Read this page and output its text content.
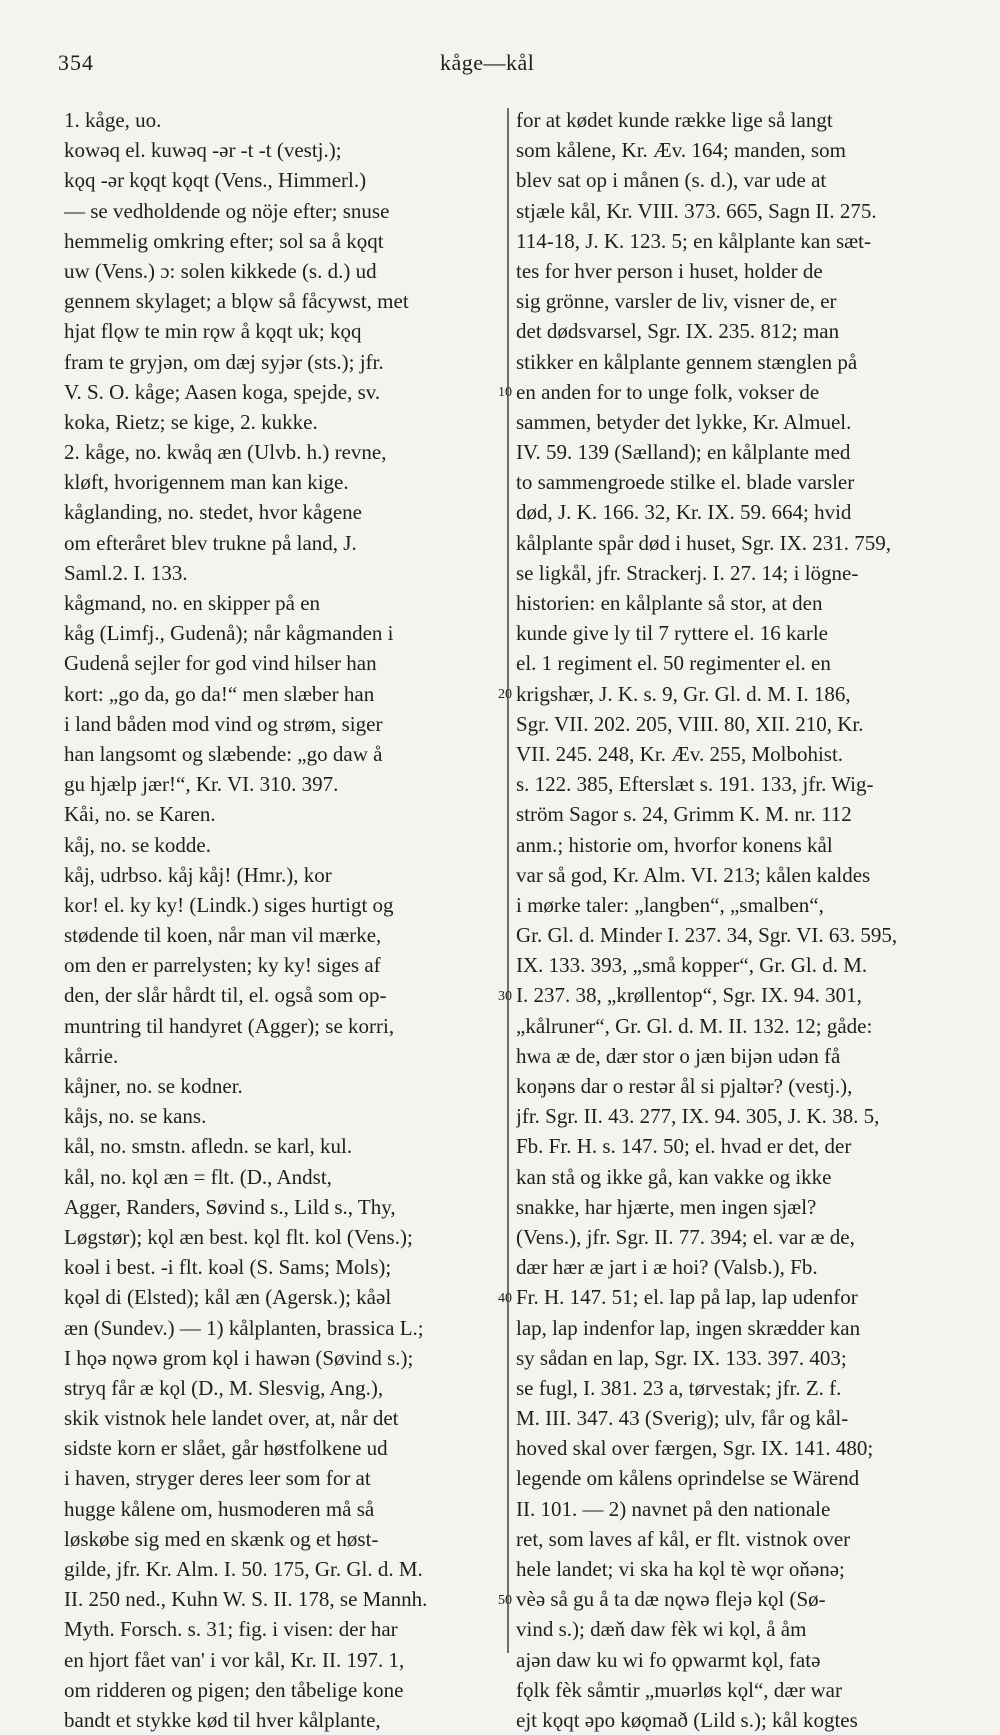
354	kåge—kål
1. kåge, uo.
kowəq el. kuwəq -ər -t -t (vestj.);
kǫq -ər kǫqt kǫqt (Vens., Himmerl.)
— se vedholdende og nöje efter; snuse
hemmelig omkring efter; sol sa å kǫqt
uw (Vens.) ɔ: solen kikkede (s. d.) ud
gennem skylaget; a blǫw så fåcywst, met
hjat flǫw te min rǫw å kǫqt uk; kǫq
fram te gryjən, om dæj syjər (sts.); jfr.
V. S. O. kåge; Aasen koga, spejde, sv.
koka, Rietz; se kige, 2. kukke.
2. kåge, no. kwåq æn (Ulvb. h.) revne,
kløft, hvorigennem man kan kige.
kåglanding, no. stedet, hvor kågene
om efteråret blev trukne på land, J.
Saml.2. I. 133.
kågmand, no. en skipper på en
kåg (Limfj., Gudenå); når kågmanden i
Gudenå sejler for god vind hilser han
kort: „go da, go da!“ men slæber han
i land båden mod vind og strøm, siger
han langsomt og slæbende: „go daw å
gu hjælp jær!“, Kr. VI. 310. 397.
Kåi, no. se Karen.
kåj, no. se kodde.
kåj, udrbso. kåj kåj! (Hmr.), kor
kor! el. ky ky! (Lindk.) siges hurtigt og
stødende til koen, når man vil mærke,
om den er parrelysten; ky ky! siges af
den, der slår hårdt til, el. også som op-
muntring til handyret (Agger); se korri,
kårrie.
kåjner, no. se kodner.
kåjs, no. se kans.
kål, no. smstn. afledn. se karl, kul.
kål, no. kǫl æn = flt. (D., Andst,
Agger, Randers, Søvind s., Lild s., Thy,
Løgstør); kǫl æn best. kǫl flt. kol (Vens.);
koəl i best. -i flt. koəl (S. Sams; Mols);
kǫəl di (Elsted); kål æn (Agersk.); kåəl
æn (Sundev.) — 1) kålplanten, brassica L.;
I hǫə nǫwə grom kǫl i hawən (Søvind s.);
stryq får æ kǫl (D., M. Slesvig, Ang.),
skik vistnok hele landet over, at, når det
sidste korn er slået, går høstfolkene ud
i haven, stryger deres leer som for at
hugge kålene om, husmoderen må så
løskøbe sig med en skænk og et høst-
gilde, jfr. Kr. Alm. I. 50. 175, Gr. Gl. d. M.
II. 250 ned., Kuhn W. S. II. 178, se Mannh.
Myth. Forsch. s. 31; fig. i visen: der har
en hjort fået van' i vor kål, Kr. II. 197. 1,
om ridderen og pigen; den tåbelige kone
bandt et stykke kød til hver kålplante,
for at kødet kunde række lige så langt
som kålene, Kr. Æv. 164; manden, som
blev sat op i månen (s. d.), var ude at
stjæle kål, Kr. VIII. 373. 665, Sagn II. 275.
114-18, J. K. 123. 5; en kålplante kan sæt-
tes for hver person i huset, holder de
sig grönne, varsler de liv, visner de, er
det dødsvarsel, Sgr. IX. 235. 812; man
stikker en kålplante gennem stænglen på
en anden for to unge folk, vokser de
sammen, betyder det lykke, Kr. Almuel.
IV. 59. 139 (Sælland); en kålplante med
to sammengroede stilke el. blade varsler
død, J. K. 166. 32, Kr. IX. 59. 664; hvid
kålplante spår død i huset, Sgr. IX. 231. 759,
se ligkål, jfr. Strackerj. I. 27. 14; i lögne-
historien: en kålplante så stor, at den
kunde give ly til 7 ryttere el. 16 karle
el. 1 regiment el. 50 regimenter el. en
krigshær, J. K. s. 9, Gr. Gl. d. M. I. 186,
Sgr. VII. 202. 205, VIII. 80, XII. 210, Kr.
VII. 245. 248, Kr. Æv. 255, Molbohist.
s. 122. 385, Efterslæt s. 191. 133, jfr. Wig-
ström Sagor s. 24, Grimm K. M. nr. 112
anm.; historie om, hvorfor konens kål
var så god, Kr. Alm. VI. 213; kålen kaldes
i mørke taler: „langben“, „smalben“,
Gr. Gl. d. Minder I. 237. 34, Sgr. VI. 63. 595,
IX. 133. 393, „små kopper“, Gr. Gl. d. M.
I. 237. 38, „krøllentop“, Sgr. IX. 94. 301,
„kålruner“, Gr. Gl. d. M. II. 132. 12; gåde:
hwa æ de, dær stor o jæn bijən udən få
koŋəns dar o restər ål si pjaltər? (vestj.),
jfr. Sgr. II. 43. 277, IX. 94. 305, J. K. 38. 5,
Fb. Fr. H. s. 147. 50; el. hvad er det, der
kan stå og ikke gå, kan vakke og ikke
snakke, har hjærte, men ingen sjæl?
(Vens.), jfr. Sgr. II. 77. 394; el. var æ de,
dær hær æ jart i æ hoi? (Valsb.), Fb.
Fr. H. 147. 51; el. lap på lap, lap udenfor
lap, lap indenfor lap, ingen skrædder kan
sy sådan en lap, Sgr. IX. 133. 397. 403;
se fugl, I. 381. 23 a, tørvestak; jfr. Z. f.
M. III. 347. 43 (Sverig); ulv, får og kål-
hoved skal over færgen, Sgr. IX. 141. 480;
legende om kålens oprindelse se Wärend
II. 101. — 2) navnet på den nationale
ret, som laves af kål, er flt. vistnok over
hele landet; vi ska ha kǫl tè wǫr oňənə;
vèə så gu å ta dæ nǫwə flejə kǫl (Sø-
vind s.); dæň daw fèk wi kǫl, å åm
ajən daw ku wi fo ǫpwarmt kǫl, fatə
fǫlk fèk såmtir „muərløs kǫl“, dær war
ejt kǫqt əpo køǫmað (Lild s.); kål kogtes
10
20
30
40
50
